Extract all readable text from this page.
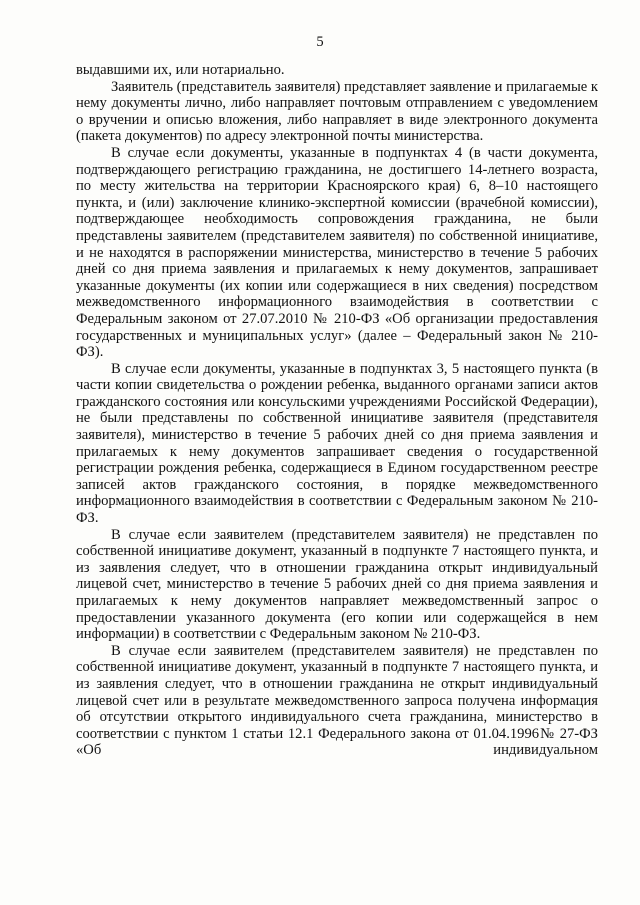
5

выдавшими их, или нотариально.

Заявитель (представитель заявителя) представляет заявление и прилагаемые к нему документы лично, либо направляет почтовым отправлением с уведомлением о вручении и описью вложения, либо направляет в виде электронного документа (пакета документов) по адресу электронной почты министерства.

В случае если документы, указанные в подпунктах 4 (в части документа, подтверждающего регистрацию гражданина, не достигшего 14-летнего возраста, по месту жительства на территории Красноярского края) 6, 8–10 настоящего пункта, и (или) заключение клинико-экспертной комиссии (врачебной комиссии), подтверждающее необходимость сопровождения гражданина, не были представлены заявителем (представителем заявителя) по собственной инициативе, и не находятся в распоряжении министерства, министерство в течение 5 рабочих дней со дня приема заявления и прилагаемых к нему документов, запрашивает указанные документы (их копии или содержащиеся в них сведения) посредством межведомственного информационного взаимодействия в соответствии с Федеральным законом от 27.07.2010 № 210-ФЗ «Об организации предоставления государственных и муниципальных услуг» (далее – Федеральный закон № 210-ФЗ).

В случае если документы, указанные в подпунктах 3, 5 настоящего пункта (в части копии свидетельства о рождении ребенка, выданного органами записи актов гражданского состояния или консульскими учреждениями Российской Федерации), не были представлены по собственной инициативе заявителя (представителя заявителя), министерство в течение 5 рабочих дней со дня приема заявления и прилагаемых к нему документов запрашивает сведения о государственной регистрации рождения ребенка, содержащиеся в Едином государственном реестре записей актов гражданского состояния, в порядке межведомственного информационного взаимодействия в соответствии с Федеральным законом № 210-ФЗ.

В случае если заявителем (представителем заявителя) не представлен по собственной инициативе документ, указанный в подпункте 7 настоящего пункта, и из заявления следует, что в отношении гражданина открыт индивидуальный лицевой счет, министерство в течение 5 рабочих дней со дня приема заявления и прилагаемых к нему документов направляет межведомственный запрос о предоставлении указанного документа (его копии или содержащейся в нем информации) в соответствии с Федеральным законом № 210-ФЗ.

В случае если заявителем (представителем заявителя) не представлен по собственной инициативе документ, указанный в подпункте 7 настоящего пункта, и из заявления следует, что в отношении гражданина не открыт индивидуальный лицевой счет или в результате межведомственного запроса получена информация об отсутствии открытого индивидуального счета гражданина, министерство в соответствии с пунктом 1 статьи 12.1 Федерального закона от 01.04.1996№ 27-ФЗ «Об индивидуальном
